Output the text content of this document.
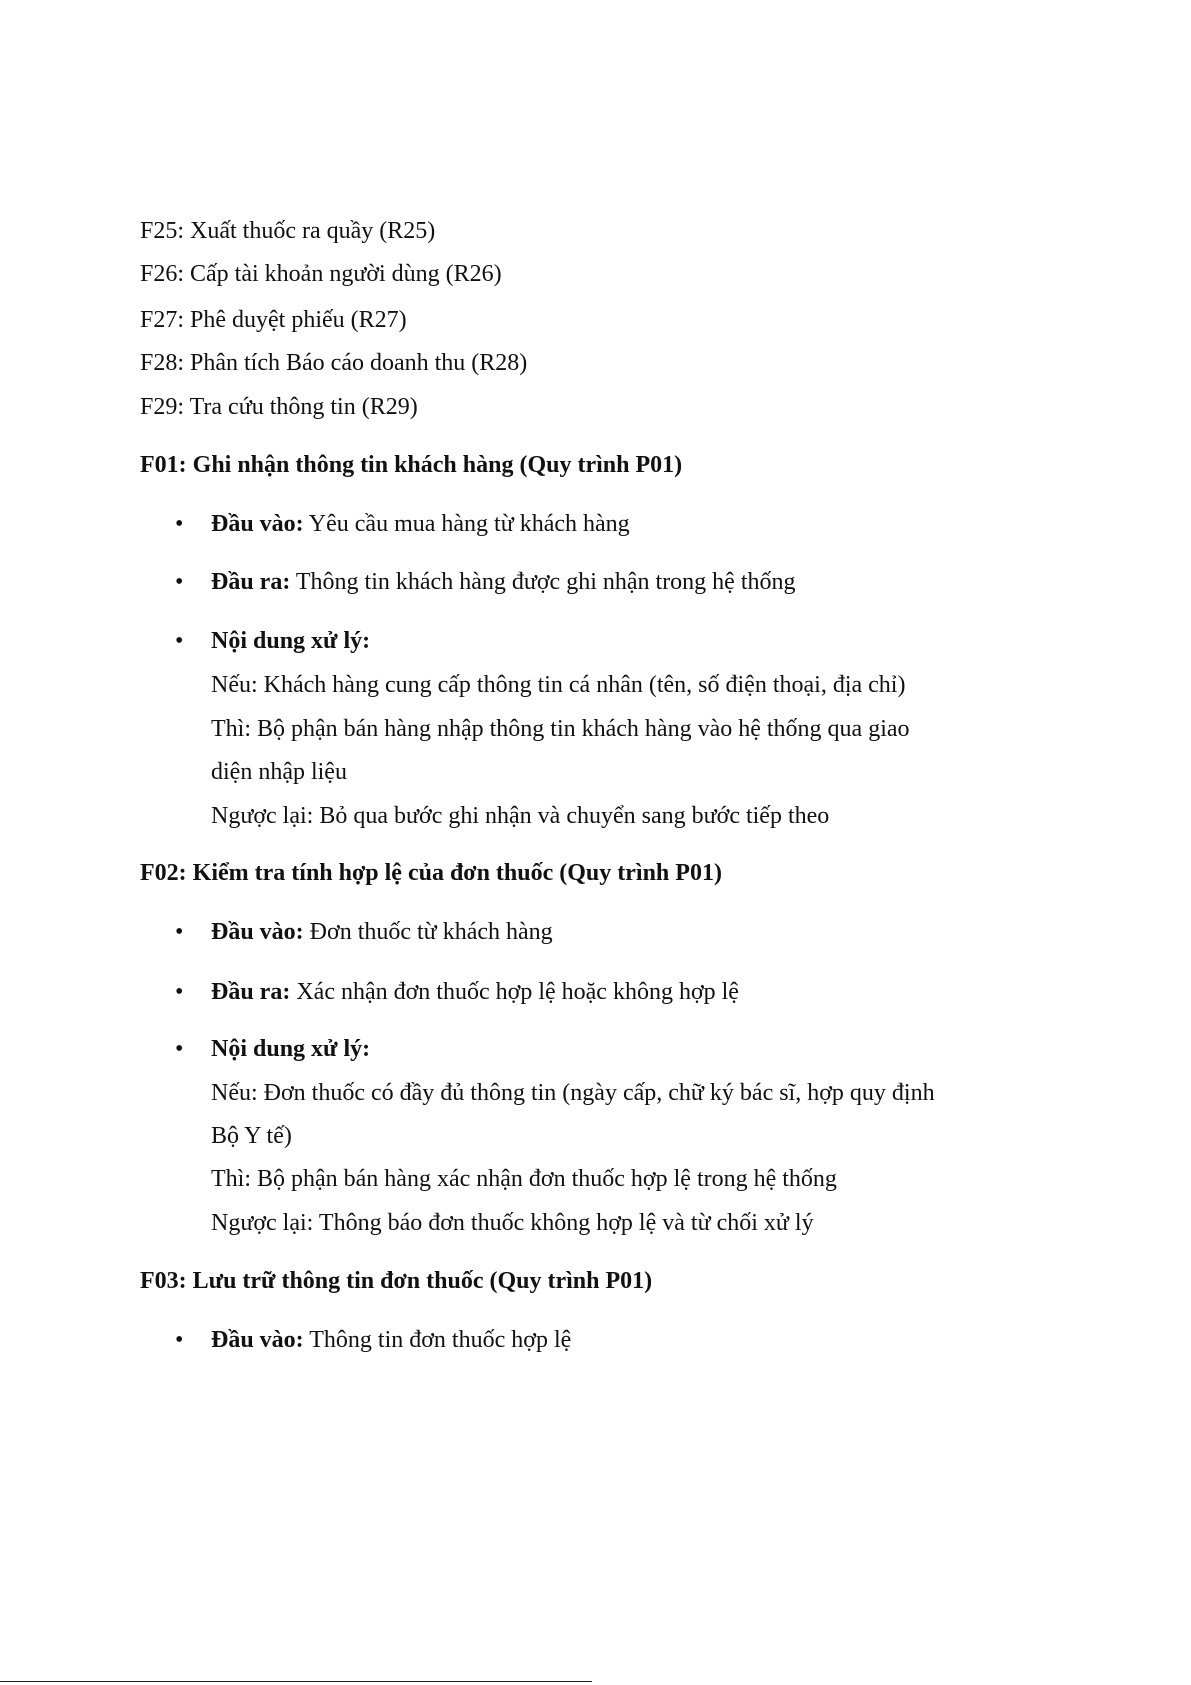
F25: Xuất thuốc ra quầy (R25)
F26: Cấp tài khoản người dùng (R26)
F27: Phê duyệt phiếu (R27)
F28: Phân tích Báo cáo doanh thu (R28)
F29: Tra cứu thông tin (R29)
F01: Ghi nhận thông tin khách hàng (Quy trình P01)
• Đầu vào: Yêu cầu mua hàng từ khách hàng
• Đầu ra: Thông tin khách hàng được ghi nhận trong hệ thống
• Nội dung xử lý:
Nếu: Khách hàng cung cấp thông tin cá nhân (tên, số điện thoại, địa chỉ)
Thì: Bộ phận bán hàng nhập thông tin khách hàng vào hệ thống qua giao
diện nhập liệu
Ngược lại: Bỏ qua bước ghi nhận và chuyển sang bước tiếp theo
F02: Kiểm tra tính hợp lệ của đơn thuốc (Quy trình P01)
• Đầu vào: Đơn thuốc từ khách hàng
• Đầu ra: Xác nhận đơn thuốc hợp lệ hoặc không hợp lệ
• Nội dung xử lý:
Nếu: Đơn thuốc có đầy đủ thông tin (ngày cấp, chữ ký bác sĩ, hợp quy định
Bộ Y tế)
Thì: Bộ phận bán hàng xác nhận đơn thuốc hợp lệ trong hệ thống
Ngược lại: Thông báo đơn thuốc không hợp lệ và từ chối xử lý
F03: Lưu trữ thông tin đơn thuốc (Quy trình P01)
• Đầu vào: Thông tin đơn thuốc hợp lệ
